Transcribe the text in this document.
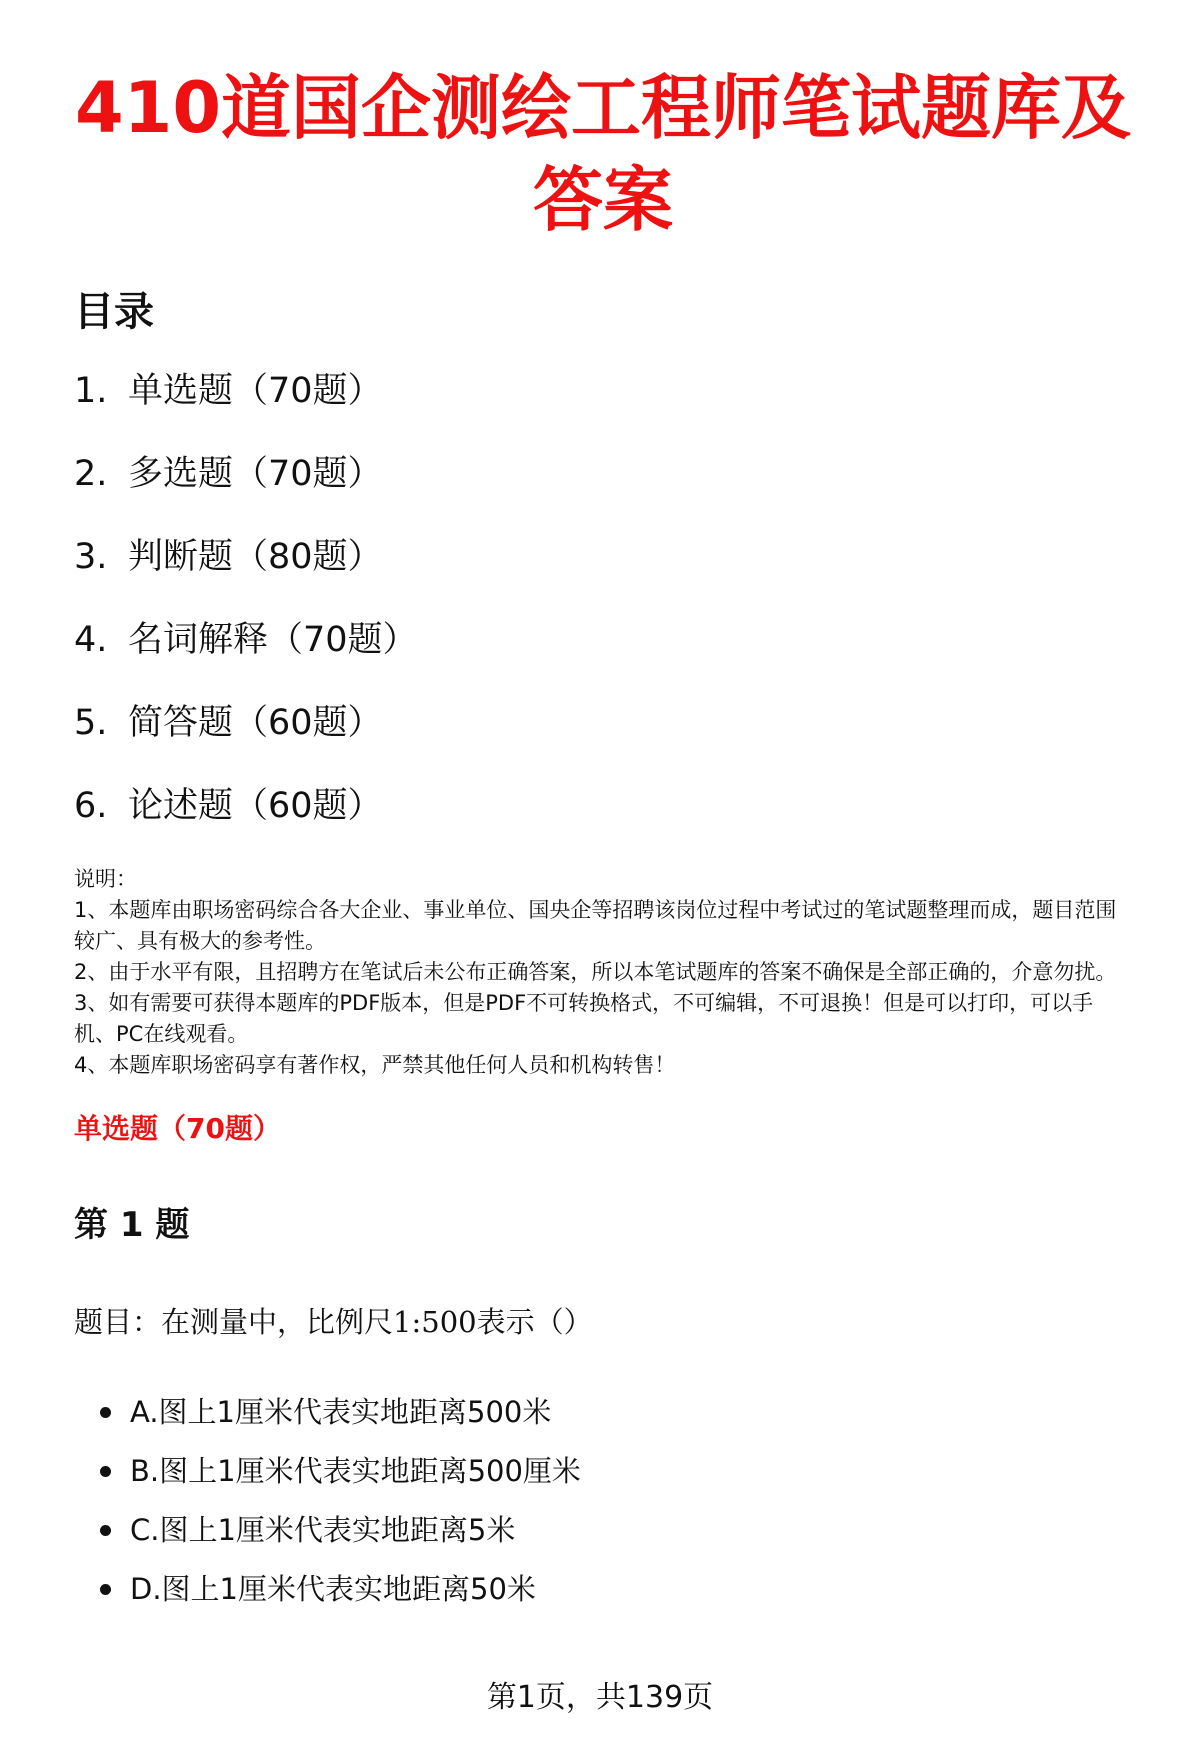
410道国企测绘工程师笔试题库及答案
目录
1. 单选题（70题）
2. 多选题（70题）
3. 判断题（80题）
4. 名词解释（70题）
5. 简答题（60题）
6. 论述题（60题）

说明：

1、本题库由职场密码综合各大企业、事业单位、国央企等招聘该岗位过程中考试过的笔试题整理而成，题目范围较广、具有极大的参考性。

2、由于水平有限，且招聘方在笔试后未公布正确答案，所以本笔试题库的答案不确保是全部正确的，介意勿扰。

3、如有需要可获得本题库的PDF版本，但是PDF不可转换格式，不可编辑，不可退换！但是可以打印，可以手机、PC在线观看。

4、本题库职场密码享有著作权，严禁其他任何人员和机构转售！

单选题（70题）
第 1 题

题目：在测量中，比例尺1:500表示（）

A.图上1厘米代表实地距离500米
B.图上1厘米代表实地距离500厘米
C.图上1厘米代表实地距离5米
D.图上1厘米代表实地距离50米
第1页，共139页
